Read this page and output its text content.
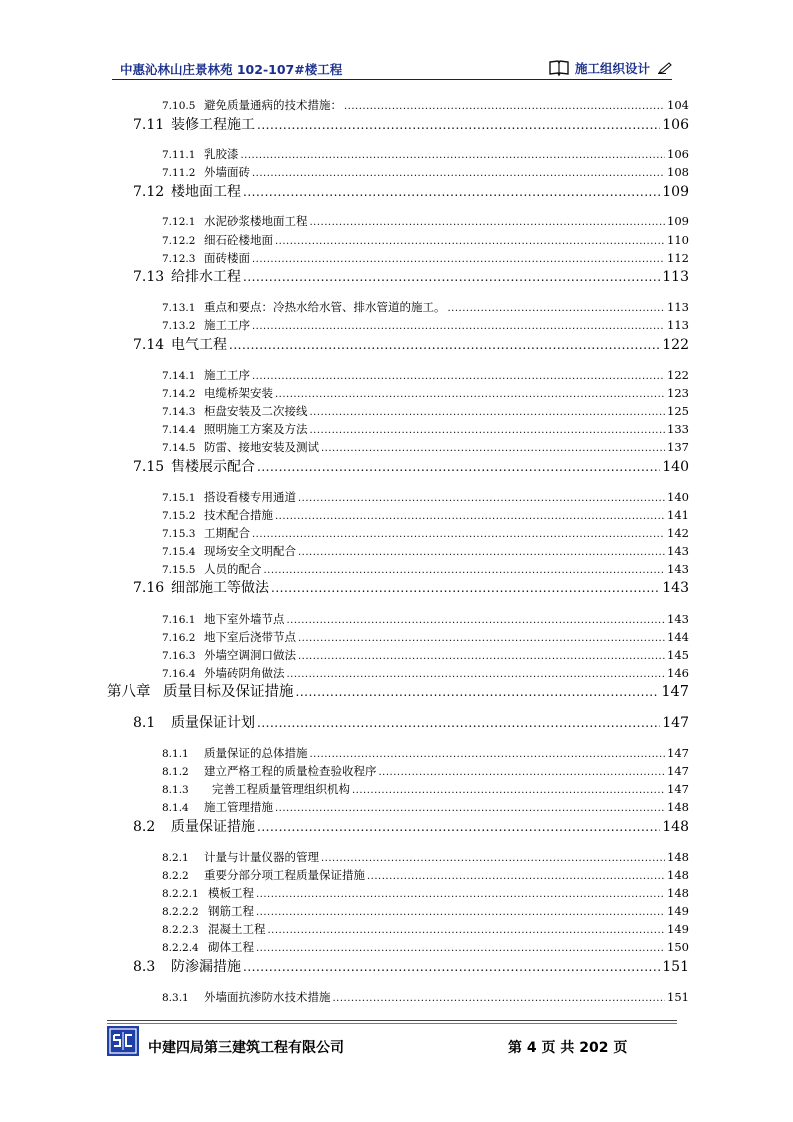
中惠沁林山庄景林苑 102-107#楼工程	施工组织设计
7.10.5 避免质量通病的技术措施： .....	104
7.11 装修工程施工 .....	106
7.11.1 乳胶漆 .....	106
7.11.2 外墙面砖 .....	108
7.12 楼地面工程 .....	109
7.12.1 水泥砂浆楼地面工程 .....	109
7.12.2 细石砼楼地面 .....	110
7.12.3 面砖楼面 .....	112
7.13 给排水工程 .....	113
7.13.1 重点和要点：冷热水给水管、排水管道的施工。 .....	113
7.13.2 施工工序 .....	113
7.14 电气工程 .....	122
7.14.1 施工工序 .....	122
7.14.2 电缆桥架安装 .....	123
7.14.3 柜盘安装及二次接线 .....	125
7.14.4 照明施工方案及方法 .....	133
7.14.5 防雷、接地安装及测试 .....	137
7.15 售楼展示配合 .....	140
7.15.1 搭设看楼专用通道 .....	140
7.15.2 技术配合措施 .....	141
7.15.3 工期配合 .....	142
7.15.4 现场安全文明配合 .....	143
7.15.5 人员的配合 .....	143
7.16 细部施工等做法 .....	143
7.16.1 地下室外墙节点 .....	143
7.16.2 地下室后浇带节点 .....	144
7.16.3 外墙空调洞口做法 .....	145
7.16.4 外墙砖阴角做法 .....	146
第八章 质量目标及保证措施 .....	147
8.1	质量保证计划 .....	147
8.1.1	质量保证的总体措施 .....	147
8.1.2	建立严格工程的质量检查验收程序 .....	147
8.1.3	完善工程质量管理组织机构 .....	147
8.1.4	施工管理措施 .....	148
8.2	质量保证措施 .....	148
8.2.1	计量与计量仪器的管理 .....	148
8.2.2	重要分部分项工程质量保证措施 .....	148
8.2.2.1 模板工程 .....	148
8.2.2.2 钢筋工程 .....	149
8.2.2.3 混凝土工程 .....	149
8.2.2.4 砌体工程 .....	150
8.3	防渗漏措施 .....	151
8.3.1	外墙面抗渗防水技术措施 .....	151
中建四局第三建筑工程有限公司	第 4 页 共 202 页
